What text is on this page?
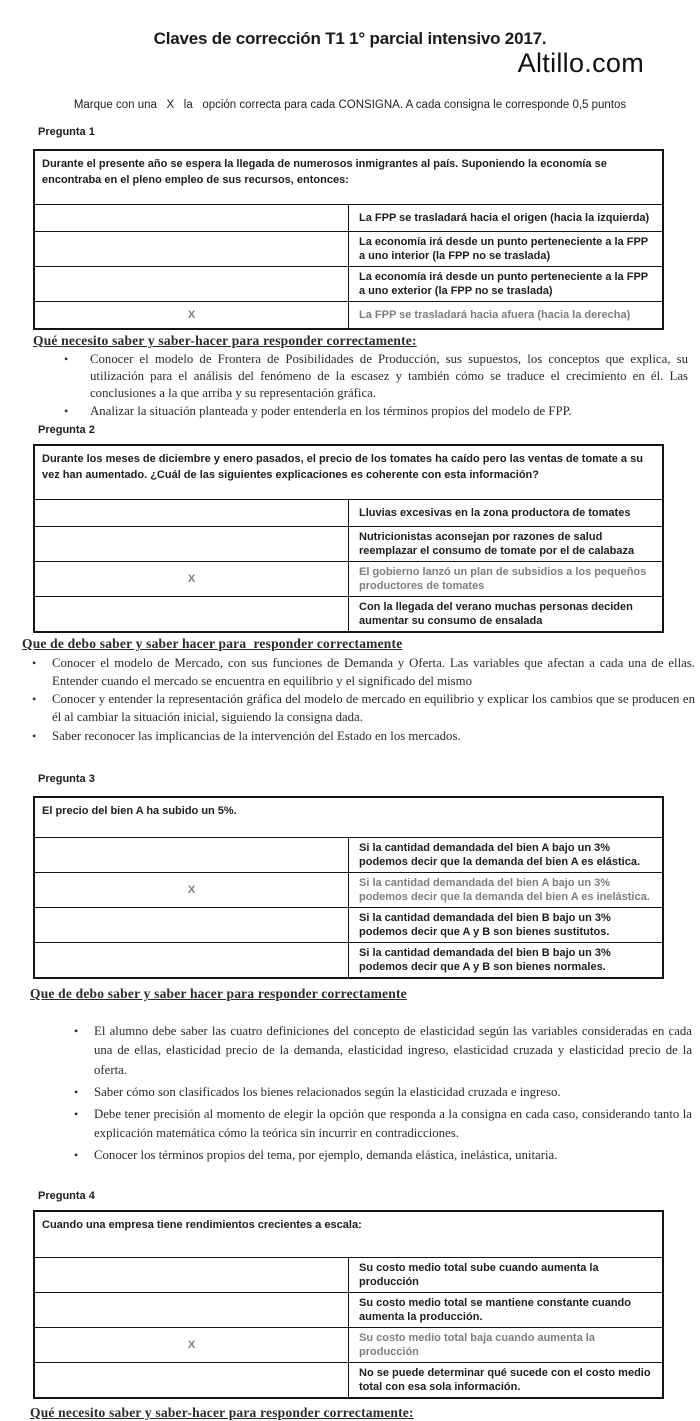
Claves de corrección T1 1° parcial intensivo 2017.
Altillo.com
Marque con una   X   la   opción correcta para cada CONSIGNA. A cada consigna le corresponde 0,5 puntos
Pregunta 1
Durante el presente año se espera la llegada de numerosos inmigrantes al país. Suponiendo la economía se encontraba en el pleno empleo de sus recursos, entonces:	
	La FPP se trasladará hacia el origen (hacia la izquierda)
	La economía irá desde un punto perteneciente a la FPP a uno interior (la FPP no se traslada)
	La economía irá desde un punto perteneciente a la FPP a uno exterior (la FPP no se traslada)
X	La FPP se trasladará hacia afuera (hacia la derecha)
Qué necesito saber y saber-hacer para responder correctamente:
•	Conocer el modelo de Frontera de Posibilidades de Producción, sus supuestos, los conceptos que explica, su utilización para el análisis del fenómeno de la escasez y también cómo se traduce el crecimiento en él. Las conclusiones a la que arriba y su representación gráfica.
•	Analizar la situación planteada y poder entenderla en los términos propios del modelo de FPP.
Pregunta 2
Durante los meses de diciembre y enero pasados, el precio de los tomates ha caído pero las ventas de tomate a su vez han aumentado. ¿Cuál de las siguientes explicaciones es coherente con esta información?	
	Lluvias excesivas en la zona productora de tomates
	Nutricionistas aconsejan por razones de salud reemplazar el consumo de tomate por el de calabaza
X	El gobierno lanzó un plan de subsidios a los pequeños productores de tomates
	Con la llegada del verano muchas personas deciden aumentar su consumo de ensalada
Que de debo saber y saber hacer para  responder correctamente
•	Conocer el modelo de Mercado, con sus funciones de Demanda y Oferta. Las variables que afectan a cada una de ellas. Entender cuando el mercado se encuentra en equilibrio y el significado del mismo
•	Conocer y entender la representación gráfica del modelo de mercado en equilibrio y explicar los cambios que se producen en él al cambiar la situación inicial, siguiendo la consigna dada.
•	Saber reconocer las implicancias de la intervención del Estado en los mercados.
Pregunta 3
El precio del bien A ha subido un 5%.	
	Si la cantidad demandada del bien A bajo un 3% podemos decir que la demanda del bien A es elástica.
X	Si la cantidad demandada del bien A bajo un 3% podemos decir que la demanda del bien A es inelástica.
	Si la cantidad demandada del bien B bajo un 3% podemos decir que A y B son bienes sustitutos.
	Si la cantidad demandada del bien B bajo un 3% podemos decir que A y B son bienes normales.
Que de debo saber y saber hacer para responder correctamente
•	El alumno debe saber las cuatro definiciones del concepto de elasticidad según las variables consideradas en cada una de ellas, elasticidad precio de la demanda, elasticidad ingreso, elasticidad cruzada y elasticidad precio de la oferta.
•	Saber cómo son clasificados los bienes relacionados según la elasticidad cruzada e ingreso.
•	Debe tener precisión al momento de elegir la opción que responda a la consigna en cada caso, considerando tanto la explicación matemática cómo la teórica sin incurrir en contradicciones.
•	Conocer los términos propios del tema, por ejemplo, demanda elástica, inelástica, unitaria.
Pregunta 4
Cuando una empresa tiene rendimientos crecientes a escala:	
	Su costo medio total sube cuando aumenta la producción
	Su costo medio total se mantiene constante cuando aumenta la producción.
X	Su costo medio total baja cuando aumenta la producción
	No se puede determinar qué sucede con el costo medio total con esa sola información.
Qué necesito saber y saber-hacer para responder correctamente:
